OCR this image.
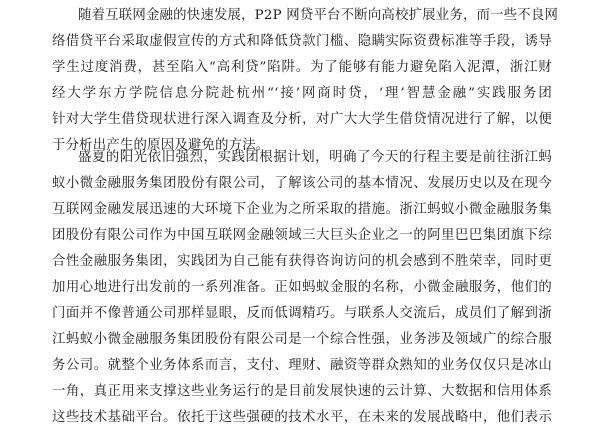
随着互联网金融的快速发展，P2P 网贷平台不断向高校扩展业务，而一些不良网
络借贷平台采取虚假宣传的方式和降低贷款门槛、隐瞒实际资费标准等手段，诱导
学生过度消费，甚至陷入“高利贷”陷阱。为了能够有能力避免陷入泥潭，浙江财
经大学东方学院信息分院赴杭州“‘接’网商时贷，‘理’智慧金融”实践服务团
针对大学生借贷现状进行深入调查及分析，对广大大学生借贷情况进行了解，以便
于分析出产生的原因及避免的方法。
盛夏的阳光依旧强烈，实践团根据计划，明确了今天的行程主要是前往浙江蚂
蚁小微金融服务集团股份有限公司，了解该公司的基本情况、发展历史以及在现今
互联网金融发展迅速的大环境下企业为之所采取的措施。浙江蚂蚁小微金融服务集
团股份有限公司作为中国互联网金融领域三大巨头企业之一的阿里巴巴集团旗下综
合性金融服务集团，实践团为自己能有获得咨询访问的机会感到不胜荣幸，同时更
加用心地进行出发前的一系列准备。正如蚂蚁金服的名称，小微金融服务，他们的
门面并不像普通公司那样显眼，反而低调精巧。与联系人交流后，成员们了解到浙
江蚂蚁小微金融服务集团股份有限公司是一个综合性强，业务涉及领域广的综合服
务公司。就整个业务体系而言，支付、理财、融资等群众熟知的业务仅仅只是冰山
一角，真正用来支撑这些业务运行的是目前发展快速的云计算、大数据和信用体系
这些技术基础平台。依托于这些强硬的技术水平，在未来的发展战略中，他们表示
